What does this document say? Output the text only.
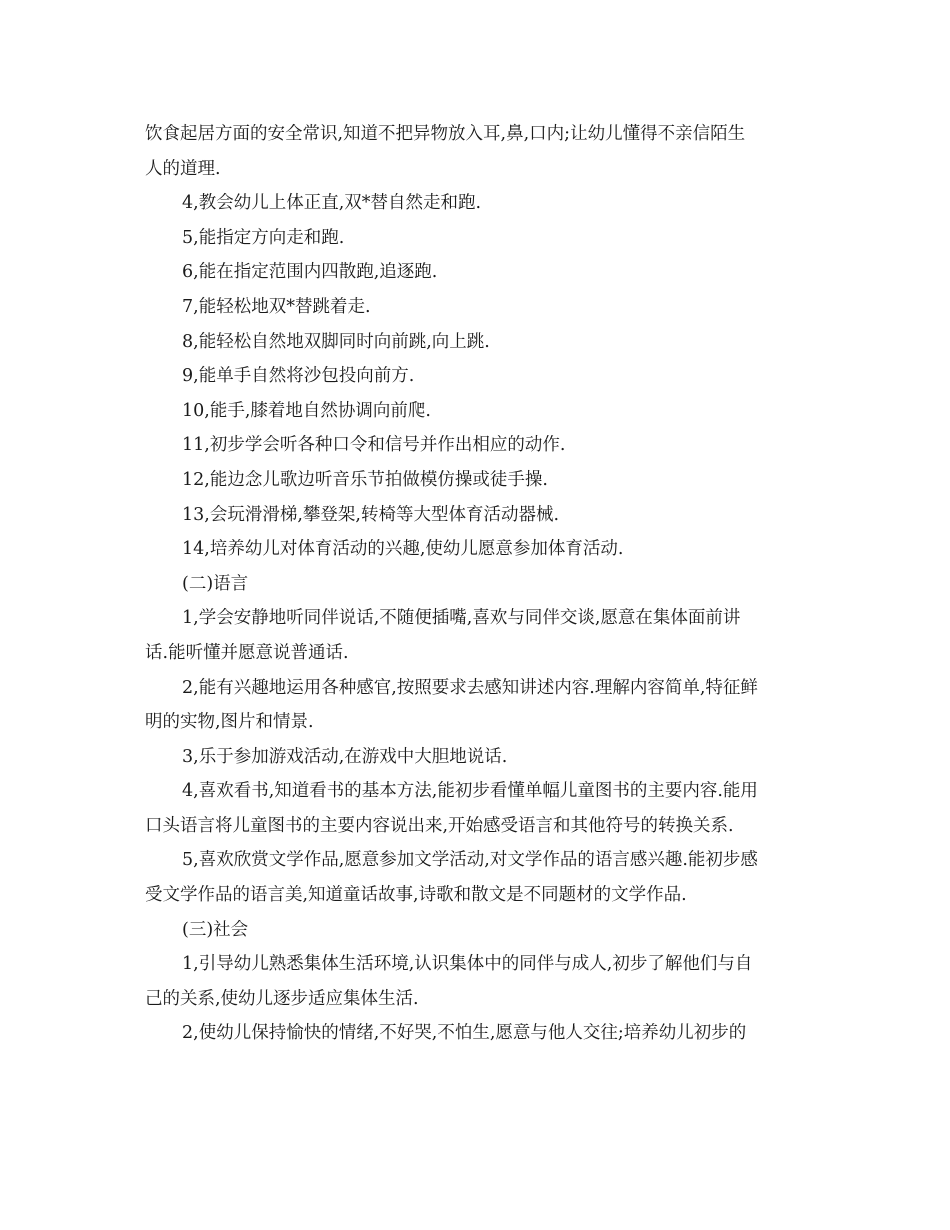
饮食起居方面的安全常识,知道不把异物放入耳,鼻,口内;让幼儿懂得不亲信陌生
人的道理.
4,教会幼儿上体正直,双*替自然走和跑.
5,能指定方向走和跑.
6,能在指定范围内四散跑,追逐跑.
7,能轻松地双*替跳着走.
8,能轻松自然地双脚同时向前跳,向上跳.
9,能单手自然将沙包投向前方.
10,能手,膝着地自然协调向前爬.
11,初步学会听各种口令和信号并作出相应的动作.
12,能边念儿歌边听音乐节拍做模仿操或徒手操.
13,会玩滑滑梯,攀登架,转椅等大型体育活动器械.
14,培养幼儿对体育活动的兴趣,使幼儿愿意参加体育活动.
(二)语言
1,学会安静地听同伴说话,不随便插嘴,喜欢与同伴交谈,愿意在集体面前讲
话.能听懂并愿意说普通话.
2,能有兴趣地运用各种感官,按照要求去感知讲述内容.理解内容简单,特征鲜
明的实物,图片和情景.
3,乐于参加游戏活动,在游戏中大胆地说话.
4,喜欢看书,知道看书的基本方法,能初步看懂单幅儿童图书的主要内容.能用
口头语言将儿童图书的主要内容说出来,开始感受语言和其他符号的转换关系.
5,喜欢欣赏文学作品,愿意参加文学活动,对文学作品的语言感兴趣.能初步感
受文学作品的语言美,知道童话故事,诗歌和散文是不同题材的文学作品.
(三)社会
1,引导幼儿熟悉集体生活环境,认识集体中的同伴与成人,初步了解他们与自
己的关系,使幼儿逐步适应集体生活.
2,使幼儿保持愉快的情绪,不好哭,不怕生,愿意与他人交往;培养幼儿初步的
